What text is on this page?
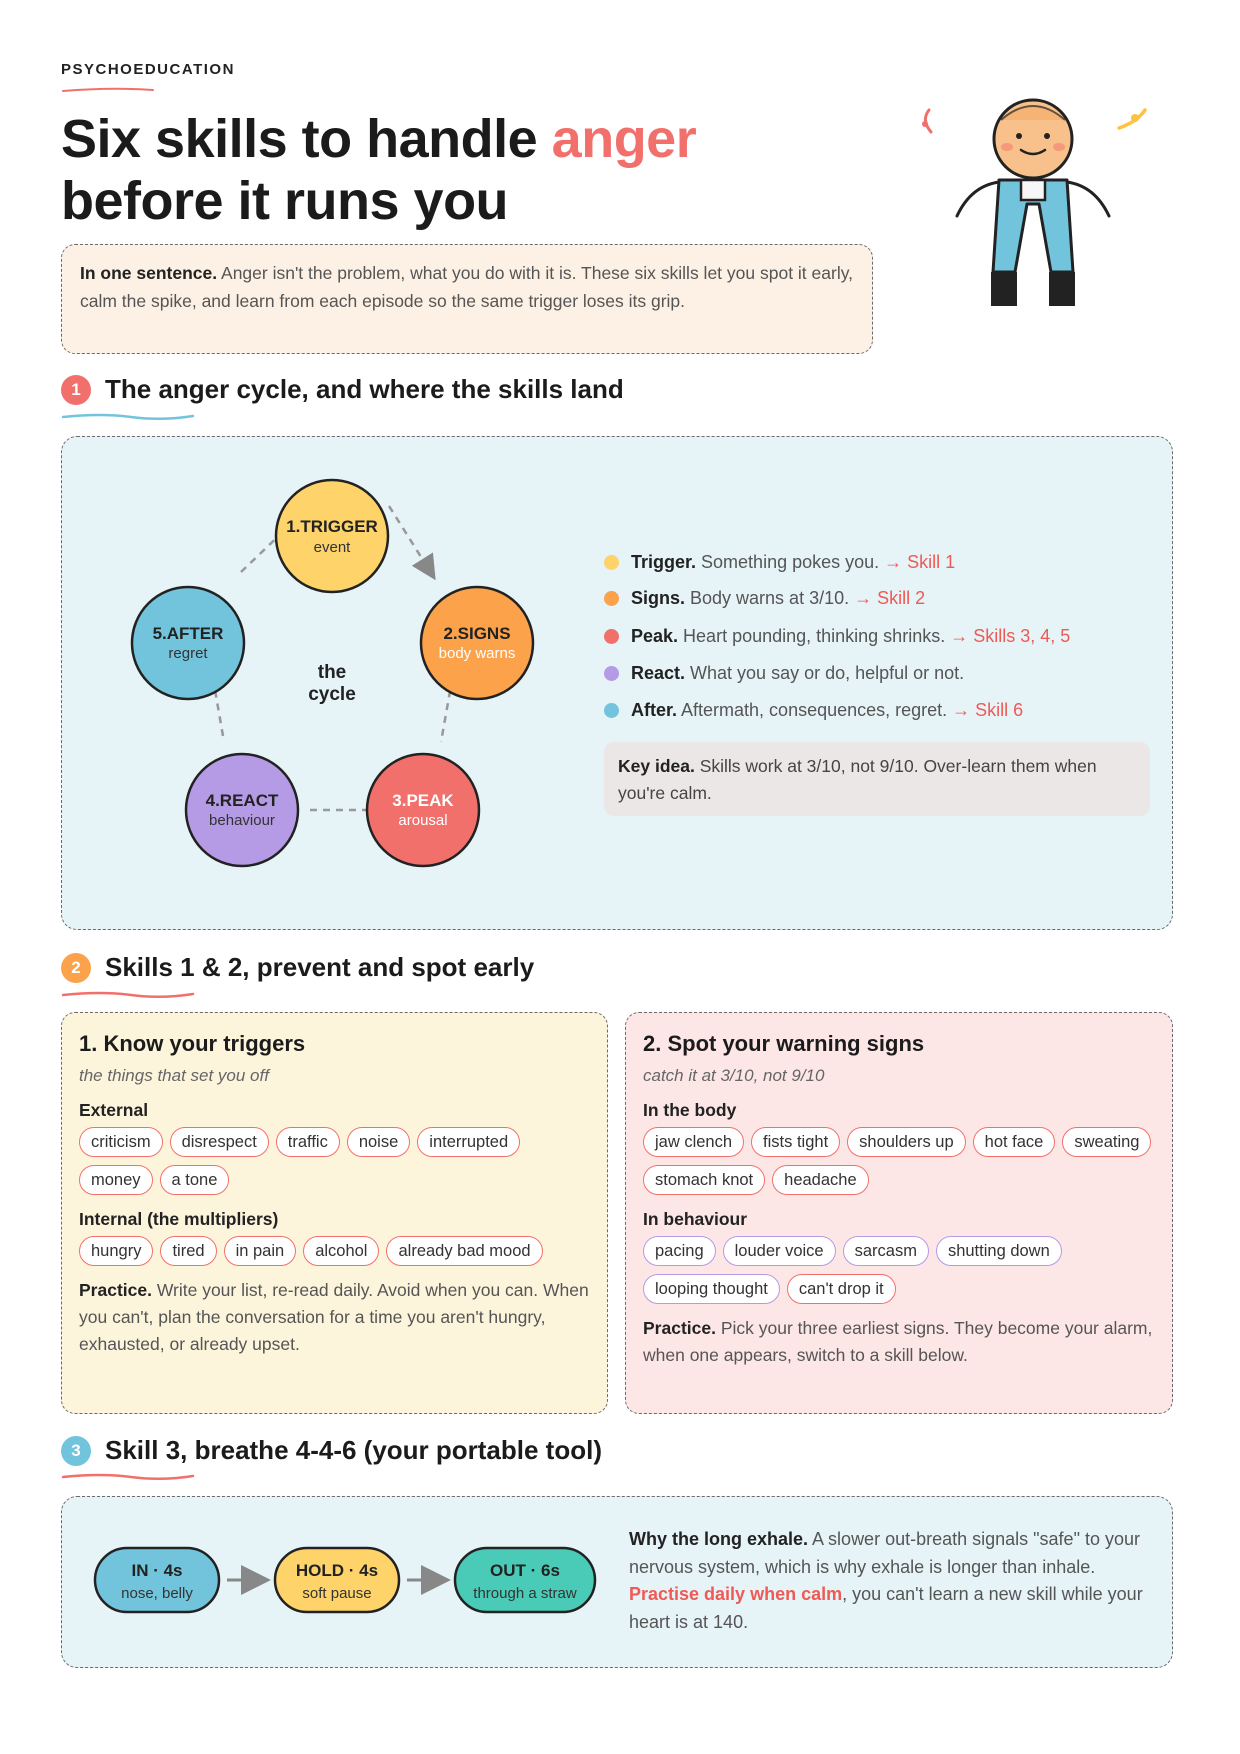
PSYCHOEDUCATION
Six skills to handle anger
before it runs you
In one sentence. Anger isn't the problem, what you do with it is. These six skills let you spot it early, calm the spike, and learn from each episode so the same trigger loses its grip.
1 The anger cycle, and where the skills land
1.TRIGGER
event
2.SIGNS
body warns
3.PEAK
arousal
4.REACT
behaviour
5.AFTER
regret
the
cycle
Trigger. Something pokes you. → Skill 1
Signs. Body warns at 3/10. → Skill 2
Peak. Heart pounding, thinking shrinks. → Skills 3, 4, 5
React. What you say or do, helpful or not.
After. Aftermath, consequences, regret. → Skill 6
Key idea. Skills work at 3/10, not 9/10. Over-learn them when you're calm.
2 Skills 1 & 2, prevent and spot early
1. Know your triggers
the things that set you off
External
criticism	disrespect	traffic	noise	interrupted
money	a tone
Internal (the multipliers)
hungry	tired	in pain	alcohol	already bad mood
Practice. Write your list, re-read daily. Avoid when you can. When you can't, plan the conversation for a time you aren't hungry, exhausted, or already upset.
2. Spot your warning signs
catch it at 3/10, not 9/10
In the body
jaw clench	fists tight	shoulders up	hot face	sweating
stomach knot	headache
In behaviour
pacing	louder voice	sarcasm	shutting down
looping thought	can't drop it
Practice. Pick your three earliest signs. They become your alarm, when one appears, switch to a skill below.
3 Skill 3, breathe 4-4-6 (your portable tool)
IN · 4s
nose, belly
HOLD · 4s
soft pause
OUT · 6s
through a straw
Why the long exhale. A slower out-breath signals "safe" to your nervous system, which is why exhale is longer than inhale. Practise daily when calm, you can't learn a new skill while your heart is at 140.
